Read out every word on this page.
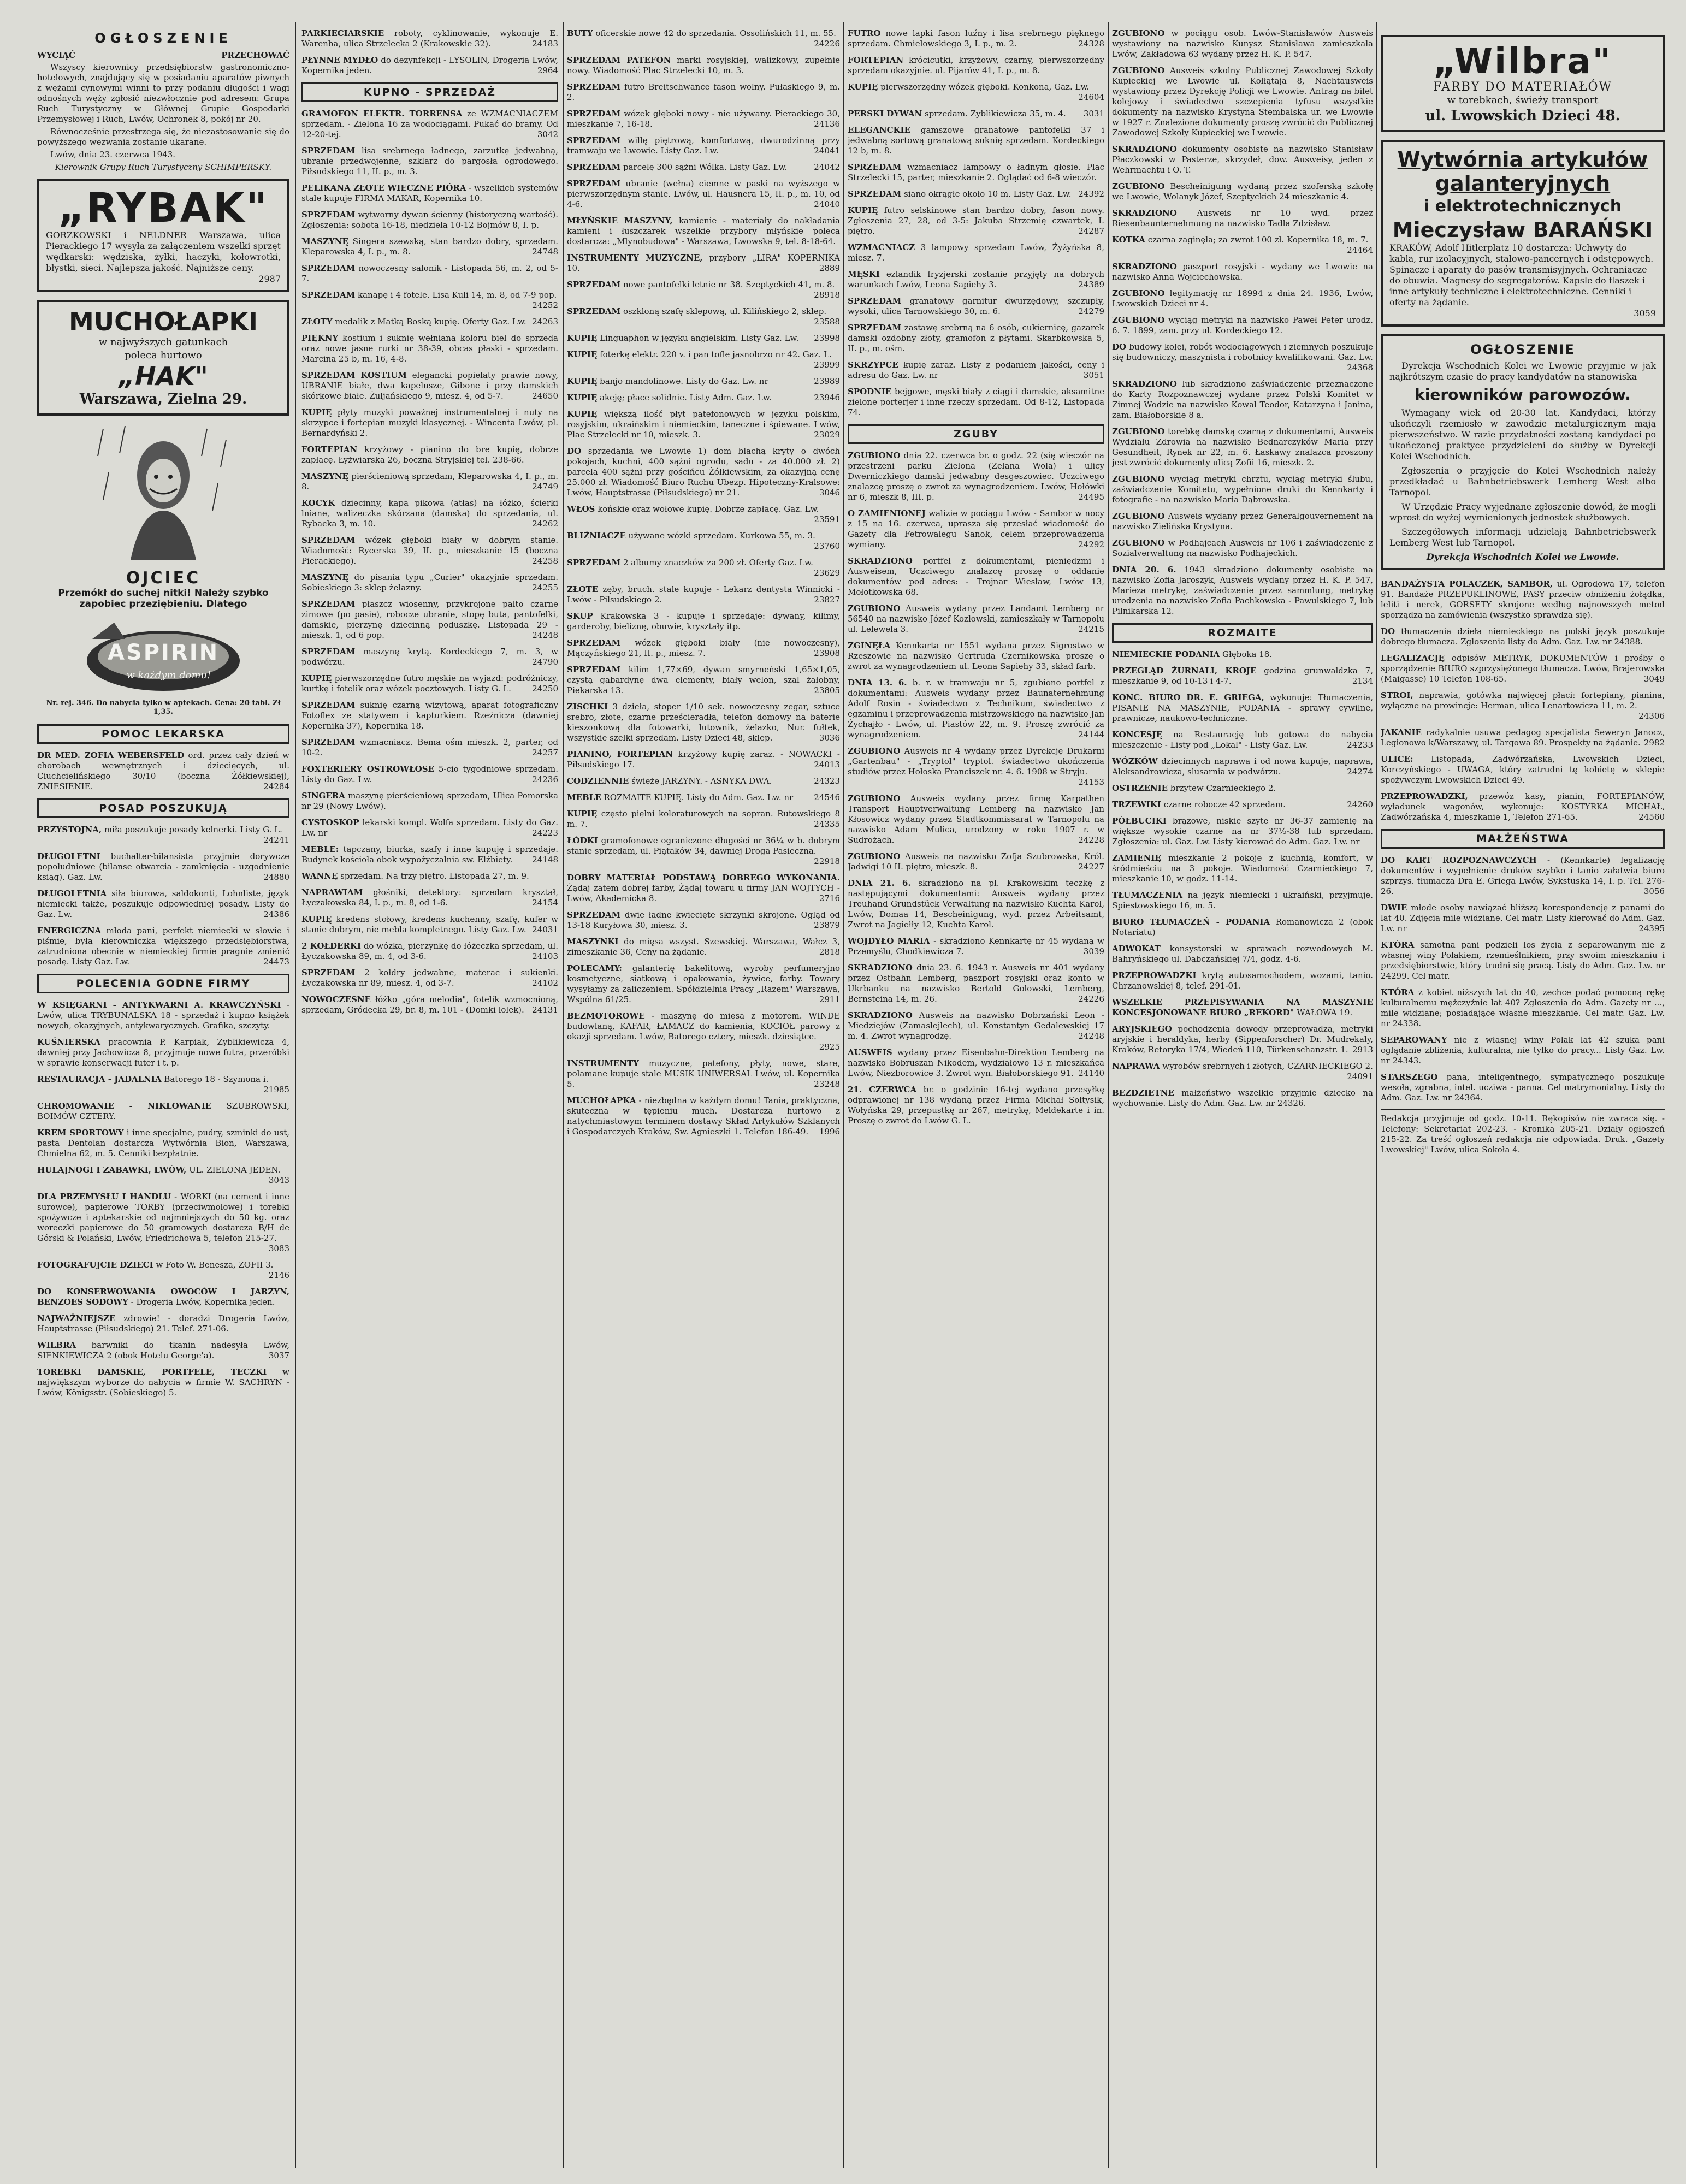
OGŁOSZENIE
WYCIĄĆ	PRZECHOWAĆ

Wszyscy kierownicy przedsiębiorstw gastronomiczno-hotelowych, znajdujący się w posiadaniu aparatów piwnych z wężami cynowymi winni to przy podaniu długości i wagi odnośnych węży zgłosić niezwłocznie pod adresem: Grupa Ruch Turystyczny w Głównej Grupie Gospodarki Przemysłowej i Ruch, Lwów, Ochronek 8, pokój nr 20.

Równocześnie przestrzega się, że niezastosowanie się do powyższego wezwania zostanie ukarane.

Lwów, dnia 23. czerwca 1943.

Kierownik Grupy Ruch Turystyczny SCHIMPERSKY.

„RYBAK"
GORZKOWSKI i NELDNER Warszawa, ulica Pierackiego 17 wysyła za załączeniem wszelki sprzęt wędkarski: wędziska, żyłki, haczyki, kołowrotki, błystki, sieci. Najlepsza jakość. Najniższe ceny.
2987
MUCHOŁAPKI
w najwyższych gatunkach
poleca hurtowo
„HAK"
Warszawa, Zielna 29.
OJCIEC
Przemókł do suchej nitki! Należy szybko zapobiec przeziębieniu. Dlatego
ASPIRIN
w każdym domu!
Nr. rej. 346. Do nabycia tylko w aptekach. Cena: 20 tabl. Zł 1,35.
POMOC LEKARSKA

DR MED. ZOFIA WEBERSFELD ord. przez cały dzień w chorobach wewnętrznych i dziecięcych, ul. Ciuchcielińskiego 30/10 (boczna Żółkiewskiej), ZNIESIENIE.	24284

POSAD POSZUKUJĄ

PRZYSTOJNA, miła poszukuje posady kelnerki. Listy G. L.
24241

DŁUGOLETNI buchalter-bilansista przyjmie dorywcze popołudniowe (bilanse otwarcia - zamknięcia - uzgodnienie ksiąg). Gaz. Lw.	24880

DŁUGOLETNIA siła biurowa, saldokonti, Lohnliste, język niemiecki także, poszukuje odpowiedniej posady. Listy do Gaz. Lw.	24386

ENERGICZNA młoda pani, perfekt niemiecki w słowie i piśmie, była kierowniczka większego przedsiębiorstwa, zatrudniona obecnie w niemieckiej firmie pragnie zmienić posadę. Listy Gaz. Lw.	24473

POLECENIA GODNE FIRMY

W KSIĘGARNI - ANTYKWARNI A. KRAWCZYŃSKI - Lwów, ulica TRYBUNALSKA 18 - sprzedaż i kupno książek nowych, okazyjnych, antykwarycznych. Grafika, szczyty.

KUŚNIERSKA pracownia P. Karpiak, Zyblikiewicza 4, dawniej przy Jachowicza 8, przyjmuje nowe futra, przeróbki w sprawie konserwacji futer i t. p.

RESTAURACJA - JADALNIA Batorego 18 - Szymona i.
21985

CHROMOWANIE - NIKLOWANIE SZUBROWSKI, BOIMÓW CZTERY.

KREM SPORTOWY i inne specjalne, pudry, szminki do ust, pasta Dentolan dostarcza Wytwórnia Bion, Warszawa, Chmielna 62, m. 5. Cenniki bezpłatnie.

HULAJNOGI I ZABAWKI, LWÓW, UL. ZIELONA JEDEN.
3043

DLA PRZEMYSŁU I HANDLU - WORKI (na cement i inne surowce), papierowe TORBY (przeciwmolowe) i torebki spożywcze i aptekarskie od najmniejszych do 50 kg. oraz woreczki papierowe do 50 gramowych dostarcza B/H de Górski & Polański, Lwów, Friedrichowa 5, telefon 215-27.
3083

FOTOGRAFUJCIE DZIECI w Foto W. Benesza, ZOFII 3.
2146

DO KONSERWOWANIA OWOCÓW I JARZYN, BENZOES SODOWY - Drogeria Lwów, Kopernika jeden.

NAJWAŻNIEJSZE zdrowie! - doradzi Drogeria Lwów, Hauptstrasse (Piłsudskiego) 21. Telef. 271-06.

WILBRA barwniki do tkanin nadesyła Lwów, SIENKIEWICZA 2 (obok Hotelu George'a).	3037

TOREBKI DAMSKIE, PORTFELE, TECZKI w największym wyborze do nabycia w firmie W. SACHRYN - Lwów, Königsstr. (Sobieskiego) 5.

PARKIECIARSKIE roboty, cyklinowanie, wykonuje E. Warenba, ulica Strzelecka 2 (Krakowskie 32).	24183

PŁYNNE MYDŁO do dezynfekcji - LYSOLIN, Drogeria Lwów, Kopernika jeden.	2964

KUPNO - SPRZEDAŻ

GRAMOFON ELEKTR. TORRENSA ze WZMACNIACZEM sprzedam. - Zielona 16 za wodociągami. Pukać do bramy. Od 12-20-tej.	3042

SPRZEDAM lisa srebrnego ładnego, zarzutkę jedwabną, ubranie przedwojenne, szklarz do pargosła ogrodowego. Piłsudskiego 11, II. p., m. 3.

PELIKANA ZŁOTE WIECZNE PIÓRA - wszelkich systemów stale kupuje FIRMA MAKAR, Kopernika 10.

SPRZEDAM wytworny dywan ścienny (historyczną wartość). Zgłoszenia: sobota 16-18, niedziela 10-12 Bojmów 8, I. p.

MASZYNĘ Singera szewską, stan bardzo dobry, sprzedam. Kleparowska 4, I. p., m. 8.	24748

SPRZEDAM nowoczesny salonik - Listopada 56, m. 2, od 5-7.

SPRZEDAM kanapę i 4 fotele. Lisa Kuli 14, m. 8, od 7-9 pop.
24252

ZŁOTY medalik z Matką Boską kupię. Oferty Gaz. Lw. 24263

PIĘKNY kostium i suknię wełnianą koloru biel do sprzeda oraz nowe jasne rurki nr 38-39, obcas płaski - sprzedam. Marcina 25 b, m. 16, 4-8.

SPRZEDAM KOSTIUM elegancki popielaty prawie nowy, UBRANIE białe, dwa kapelusze, Gibone i przy damskich skórkowe białe. Żuljańskiego 9, miesz. 4, od 5-7.	24650

KUPIĘ płyty muzyki poważnej instrumentalnej i nuty na skrzypce i fortepian muzyki klasycznej. - Wincenta Lwów, pl. Bernardyński 2.

FORTEPIAN krzyżowy - pianino do bre kupię, dobrze zapłacę. Łyżwiarska 26, boczna Stryjskiej tel. 238-66.

MASZYNĘ pierścieniową sprzedam, Kleparowska 4, I. p., m. 8.	24749

KOCYK dziecinny, kapa pikowa (atłas) na łóżko, ścierki lniane, walizeczka skórzana (damska) do sprzedania, ul. Rybacka 3, m. 10.	24262

SPRZEDAM wózek głęboki biały w dobrym stanie. Wiadomość: Rycerska 39, II. p., mieszkanie 15 (boczna Pierackiego).	24258

MASZYNĘ do pisania typu „Curier" okazyjnie sprzedam. Sobieskiego 3: sklep żelazny.	24255

SPRZEDAM płaszcz wiosenny, przykrojone palto czarne zimowe (po pasie), robocze ubranie, stopę buta, pantofelki, damskie, pierzynę dziecinną poduszkę. Listopada 29 - mieszk. 1, od 6 pop.	24248

SPRZEDAM maszynę krytą. Kordeckiego 7, m. 3, w podwórzu.	24790

KUPIĘ pierwszorzędne futro męskie na wyjazd: podróżniczy, kurtkę i fotelik oraz wózek pocztowych. Listy G. L.	24250

SPRZEDAM suknię czarną wizytową, aparat fotograficzny Fotoflex ze statywem i kapturkiem. Rzeźnicza (dawniej Kopernika 37), Kopernika 18.

SPRZEDAM wzmacniacz. Bema ośm mieszk. 2, parter, od 10-2.	24257

FOXTERIERY OSTROWŁOSE 5-cio tygodniowe sprzedam. Listy do Gaz. Lw.	24236

SINGERA maszynę pierścieniową sprzedam, Ulica Pomorska nr 29 (Nowy Lwów).

CYSTOSKOP lekarski kompl. Wolfa sprzedam. Listy do Gaz. Lw. nr	24223

MEBLE: tapczany, biurka, szafy i inne kupuję i sprzedaje. Budynek kościoła obok wypożyczalnia sw. Elżbiety. 24148

WANNĘ sprzedam. Na trzy piętro. Listopada 27, m. 9.

NAPRAWIAM głośniki, detektory: sprzedam kryształ, Łyczakowska 84, I. p., m. 8, od 1-6.	24154

KUPIĘ kredens stołowy, kredens kuchenny, szafę, kufer w stanie dobrym, nie mebla kompletnego. Listy Gaz. Lw. 24031

2 KOŁDERKI do wózka, pierzynkę do łóżeczka sprzedam, ul. Łyczakowska 89, m. 4, od 3-6.	24103

SPRZEDAM 2 kołdry jedwabne, materac i sukienki. Łyczakowska nr 89, miesz. 4, od 3-7.	24102

NOWOCZESNE łóżko „góra melodia", fotelik wzmocnioną, sprzedam, Gródecka 29, br. 8, m. 101 - (Domki lolek). 24131

BUTY oficerskie nowe 42 do sprzedania. Ossolińskich 11, m. 55.
24226

SPRZEDAM PATEFON marki rosyjskiej, walizkowy, zupełnie nowy. Wiadomość Plac Strzelecki 10, m. 3.

SPRZEDAM futro Breitschwance fason wolny. Pułaskiego 9, m. 2.

SPRZEDAM wózek głęboki nowy - nie używany. Pierackiego 30, mieszkanie 7, 16-18.	24136

SPRZEDAM willę piętrową, komfortową, dwurodzinną przy tramwaju we Lwowie. Listy Gaz. Lw.	24041

SPRZEDAM parcelę 300 sążni Wólka. Listy Gaz. Lw.	24042

SPRZEDAM ubranie (wełna) ciemne w paski na wyższego w pierwszorzędnym stanie. Lwów, ul. Hausnera 15, II. p., m. 10, od 4-6.	24040

MŁYŃSKIE MASZYNY, kamienie - materiały do nakładania kamieni i łuszczarek wszelkie przybory młyńskie poleca dostarcza: „Mlynobudowa" - Warszawa, Lwowska 9, tel. 8-18-64.

INSTRUMENTY MUZYCZNE, przybory „LIRA" KOPERNIKA 10.	2889

SPRZEDAM nowe pantofelki letnie nr 38. Szeptyckich 41, m. 8.
28918

SPRZEDAM oszkloną szafę sklepową, ul. Kilińskiego 2, sklep.
23588

KUPIĘ Linguaphon w języku angielskim. Listy Gaz. Lw. 23998

KUPIĘ foterkę elektr. 220 v. i pan tofle jasnobrzo nr 42. Gaz. L.
23999

KUPIĘ banjo mandolinowe. Listy do Gaz. Lw. nr	23989

KUPIĘ akeję; płace solidnie. Listy Adm. Gaz. Lw.	23946

KUPIĘ większą ilość płyt patefonowych w języku polskim, rosyjskim, ukraińskim i niemieckim, taneczne i śpiewane. Lwów, Plac Strzelecki nr 10, mieszk. 3.	23029

DO sprzedania we Lwowie 1) dom blachą kryty o dwóch pokojach, kuchni, 400 sążni ogrodu, sadu - za 40.000 zł. 2) parcela 400 sążni przy gościńcu Żółkiewskim, za okazyjną cenę 25.000 zł. Wiadomość Biuro Ruchu Ubezp. Hipoteczny-Kralsowe: Lwów, Hauptstrasse (Piłsudskiego) nr 21.	3046

WŁOS końskie oraz wołowe kupię. Dobrze zapłacę. Gaz. Lw.
23591

BLIŹNIACZE używane wózki sprzedam. Kurkowa 55, m. 3.
23760

SPRZEDAM 2 albumy znaczków za 200 zł. Oferty Gaz. Lw.
23629

ZŁOTE zęby, bruch. stale kupuje - Lekarz dentysta Winnicki - Lwów - Piłsudskiego 2.	23827

SKUP Krakowska 3 - kupuje i sprzedaje: dywany, kilimy, garderoby, bieliznę, obuwie, kryształy itp.

SPRZEDAM wózek głęboki biały (nie nowoczesny), Mączyńskiego 21, II. p., miesz. 7.	23908

SPRZEDAM kilim 1,77×69, dywan smyrneński 1,65×1,05, czystą gabardynę dwa elementy, biały welon, szal żałobny, Piekarska 13.	23805

ZISCHKI 3 dzieła, stoper 1/10 sek. nowoczesny zegar, sztuce srebro, złote, czarne prześcieradła, telefon domowy na baterie kieszonkową dla fotowarki, lutownik, żelazko, Nur. fułtek, wszystkie szelki sprzedam. Listy Dzieci 48, sklep.	3036

PIANINO, FORTEPIAN krzyżowy kupię zaraz. - NOWACKI - Piłsudskiego 17.	24013

CODZIENNIE świeże JARZYNY. - ASNYKA DWA.	24323

MEBLE ROZMAITE KUPIĘ. Listy do Adm. Gaz. Lw. nr	24546

KUPIĘ często pięlni koloraturowych na sopran. Rutowskiego 8 m. 7.	24335

ŁÓDKI gramofonowe ograniczone długości nr 36¼ w b. dobrym stanie sprzedam, ul. Piątaków 34, dawniej Droga Pasieczna.
22918

DOBRY MATERIAŁ PODSTAWĄ DOBREGO WYKONANIA. Żądaj zatem dobrej farby, Żądaj towaru u firmy JAN WOJTYCH - Lwów, Akademicka 8.	2716

SPRZEDAM dwie ładne kwiecięte skrzynki skrojone. Ogląd od 13-18 Kuryłowa 30, miesz. 3.	23879

MASZYNKI do mięsa wszyst. Szewskiej. Warszawa, Wałcz 3, zimeszkanie 36, Ceny na żądanie.	2818

POLECAMY: galanterię bakelitową, wyroby perfumeryjno kosmetyczne, siatkową i opakowania, żywice, farby. Towary wysyłamy za zaliczeniem. Spółdzielnia Pracy „Razem" Warszawa, Wspólna 61/25.	2911

BEZMOTOROWE - maszynę do mięsa z motorem. WINDĘ budowlaną, KAFAR, ŁAMACZ do kamienia, KOCIOŁ parowy z okazji sprzedam. Lwów, Batorego cztery, mieszk. dziesiątce.
2925

INSTRUMENTY muzyczne, patefony, płyty, nowe, stare, polamane kupuje stale MUSIK UNIWERSAL Lwów, ul. Kopernika 5.	23248

MUCHOŁAPKA - niezbędna w każdym domu! Tania, praktyczna, skuteczna w tępieniu much. Dostarcza hurtowo z natychmiastowym terminem dostawy Skład Artykułów Szklanych i Gospodarczych Kraków, Sw. Agnieszki 1. Telefon 186-49. 1996

FUTRO nowe lapki fason luźny i lisa srebrnego pięknego sprzedam. Chmielowskiego 3, I. p., m. 2.	24328

FORTEPIAN krócicutki, krzyżowy, czarny, pierwszorzędny sprzedam okazyjnie. ul. Pijarów 41, I. p., m. 8.

KUPIĘ pierwszorzędny wózek głęboki. Konkona, Gaz. Lw.
24604

PERSKI DYWAN sprzedam. Zyblikiewicza 35, m. 4. 3031

ELEGANCKIE gamszowe granatowe pantofelki 37 i jedwabną sortową granatową suknię sprzedam. Kordeckiego 12 b, m. 8.

SPRZEDAM wzmacniacz lampowy o ładnym głosie. Plac Strzelecki 15, parter, mieszkanie 2. Oglądać od 6-8 wieczór.

SPRZEDAM siano okrągłe około 10 m. Listy Gaz. Lw. 24392

KUPIĘ futro selskinowe stan bardzo dobry, fason nowy. Zgłoszenia 27, 28, od 3-5: Jakuba Strzemię czwartek, I. piętro.	24287

WZMACNIACZ 3 lampowy sprzedam Lwów, Żyżyńska 8, miesz. 7.

MĘSKI ezlandik fryzjerski zostanie przyjęty na dobrych warunkach Lwów, Leona Sapiehy 3.	24389

SPRZEDAM granatowy garnitur dwurzędowy, szczupły, wysoki, ulica Tarnowskiego 30, m. 6.	24279

SPRZEDAM zastawę srebrną na 6 osób, cukiernicę, gazarek damski ozdobny złoty, gramofon z płytami. Skarbkowska 5, II. p., m. ośm.

SKRZYPCE kupię zaraz. Listy z podaniem jakości, ceny i adresu do Gaz. Lw. nr	3051

SPODNIE bejgowe, męski biały z ciągi i damskie, aksamitne zielone porterjer i inne rzeczy sprzedam. Od 8-12, Listopada 74.

ZGUBY

ZGUBIONO dnia 22. czerwca br. o godz. 22 (się wieczór na przestrzeni parku Zielona (Zelana Wola) i ulicy Dwerniczkiego damski jedwabny desgeszowiec. Uczciwego znalazcę proszę o zwrot za wynagrodzeniem. Lwów, Hołówki nr 6, mieszk 8, III. p.	24495

O ZAMIENIONEJ walizie w pociągu Lwów - Sambor w nocy z 15 na 16. czerwca, uprasza się przesłać wiadomość do Gazety dla Fetrowalegu Sanok, celem przeprowadzenia wymiany.	24292

SKRADZIONO portfel z dokumentami, pieniędzmi i Ausweisem, Uczciwego znalazcę proszę o oddanie dokumentów pod adres: - Trojnar Wiesław, Lwów 13, Mołotkowska 68.

ZGUBIONO Ausweis wydany przez Landamt Lemberg nr 56540 na nazwisko Józef Kozłowski, zamieszkały w Tarnopolu ul. Lelewela 3.	24215

ZGINĘŁA Kennkarta nr 1551 wydana przez Sigrostwo w Rzeszowie na nazwisko Gertruda Czernikowska proszę o zwrot za wynagrodzeniem ul. Leona Sapiehy 33, skład farb.

DNIA 13. 6. b. r. w tramwaju nr 5, zgubiono portfel z dokumentami: Ausweis wydany przez Baunaternehmung Adolf Rosin - świadectwo z Technikum, świadectwo z egzaminu i przeprowadzenia mistrzowskiego na nazwisko Jan Żychajło - Lwów, ul. Piastów 22, m. 9. Proszę zwrócić za wynagrodzeniem.	24144

ZGUBIONO Ausweis nr 4 wydany przez Dyrekcję Drukarni „Gartenbau" - „Tryptol" tryptol. świadectwo ukończenia studiów przez Hołoska Franciszek nr. 4. 6. 1908 w Stryju.
24153

ZGUBIONO Ausweis wydany przez firmę Karpathen Transport Hauptverwaltung Lemberg na nazwisko Jan Kłosowicz wydany przez Stadtkommissarat w Tarnopolu na nazwisko Adam Mulica, urodzony w roku 1907 r. w Sudrożach.	24228

ZGUBIONO Ausweis na nazwisko Zofja Szubrowska, Król. Jadwigi 10 II. piętro, mieszk. 8.	24227

DNIA 21. 6. skradziono na pl. Krakowskim teczkę z następującymi dokumentami: Ausweis wydany przez Treuhand Grundstück Verwaltung na nazwisko Kuchta Karol, Lwów, Domaa 14, Bescheinigung, wyd. przez Arbeitsamt, Zwrot na Jagiełły 12, Kuchta Karol.

WOJDYŁO MARIA - skradziono Kennkartę nr 45 wydaną w Przemyślu, Chodkiewicza 7.	3039

SKRADZIONO dnia 23. 6. 1943 r. Ausweis nr 401 wydany przez Ostbahn Lemberg, paszport rosyjski oraz konto w Ukrbanku na nazwisko Bertold Golowski, Lemberg, Bernsteina 14, m. 26.	24226

SKRADZIONO Ausweis na nazwisko Dobrzański Leon - Miedziejów (Zamaslejlech), ul. Konstantyn Gedalewskiej 17 m. 4. Zwrot wynagrodzę.	24248

AUSWEIS wydany przez Eisenbahn-Direktion Lemberg na nazwisko Bobruszan Nikodem, wydziałowo 13 r. mieszkańca Lwów, Niezborowice 3. Zwrot wyn. Białoborskiego 91. 24140

21. CZERWCA br. o godzinie 16-tej wydano przesyłkę odprawionej nr 138 wydaną przez Firma Michał Sołtysik, Wołyńska 29, przepustkę nr 267, metrykę, Meldekarte i in. Proszę o zwrot do Lwów G. L.

ZGUBIONO w pociągu osob. Lwów-Stanisławów Ausweis wystawiony na nazwisko Kunysz Stanisława zamieszkała Lwów, Zakładowa 63 wydany przez H. K. P. 547.

ZGUBIONO Ausweis szkolny Publicznej Zawodowej Szkoły Kupieckiej we Lwowie ul. Kołłątaja 8, Nachtausweis wystawiony przez Dyrekcję Policji we Lwowie. Antrag na bilet kolejowy i świadectwo szczepienia tyfusu wszystkie dokumenty na nazwisko Krystyna Stembalska ur. we Lwowie w 1927 r. Znalezione dokumenty proszę zwrócić do Publicznej Zawodowej Szkoły Kupieckiej we Lwowie.

SKRADZIONO dokumenty osobiste na nazwisko Stanisław Płaczkowski w Pasterze, skrzydeł, dow. Ausweisy, jeden z Wehrmachtu i O. T.

ZGUBIONO Bescheinigung wydaną przez szoferską szkołę we Lwowie, Wolanyk Józef, Szeptyckich 24 mieszkanie 4.

SKRADZIONO Ausweis nr 10 wyd. przez Riesenbaunternehmung na nazwisko Tadla Zdzisław.

KOTKA czarna zaginęła; za zwrot 100 zł. Kopernika 18, m. 7.
24464

SKRADZIONO paszport rosyjski - wydany we Lwowie na nazwisko Anna Wojciechowska.

ZGUBIONO legitymację nr 18994 z dnia 24. 1936, Lwów, Lwowskich Dzieci nr 4.

ZGUBIONO wyciąg metryki na nazwisko Paweł Peter urodz. 6. 7. 1899, zam. przy ul. Kordeckiego 12.

DO budowy kolei, robót wodociągowych i ziemnych poszukuje się budowniczy, maszynista i robotnicy kwalifikowani. Gaz. Lw.
24368

SKRADZIONO lub skradziono zaświadczenie przeznaczone do Karty Rozpoznawczej wydane przez Polski Komitet w Zimnej Wodzie na nazwisko Kowal Teodor, Katarzyna i Janina, zam. Białoborskie 8 a.

ZGUBIONO torebkę damską czarną z dokumentami, Ausweis Wydziału Zdrowia na nazwisko Bednarczyków Maria przy Gesundheit, Rynek nr 22, m. 6. Łaskawy znalazca proszony jest zwrócić dokumenty ulicą Zofii 16, mieszk. 2.

ZGUBIONO wyciąg metryki chrztu, wyciąg metryki ślubu, zaświadczenie Komitetu, wypełnione druki do Kennkarty i fotografie - na nazwisko Maria Dąbrowska.

ZGUBIONO Ausweis wydany przez Generalgouvernement na nazwisko Zielińska Krystyna.

ZGUBIONO w Podhajcach Ausweis nr 106 i zaświadczenie z Sozialverwaltung na nazwisko Podhajeckich.

DNIA 20. 6. 1943 skradziono dokumenty osobiste na nazwisko Zofia Jaroszyk, Ausweis wydany przez H. K. P. 547, Marieza metrykę, zaświadczenie przez sammlung, metrykę urodzenia na nazwisko Zofia Pachkowska - Pawulskiego 7, lub Pilnikarska 12.

ROZMAITE

NIEMIECKIE PODANIA Głęboka 18.

PRZEGLĄD ŻURNALI, KROJE godzina grunwaldzka 7, mieszkanie 9, od 10-13 i 4-7.	2134

KONC. BIURO DR. E. GRIEGA, wykonuje: Tłumaczenia, PISANIE NA MASZYNIE, PODANIA - sprawy cywilne, prawnicze, naukowo-techniczne.

KONCESJĘ na Restaurację lub gotowa do nabycia mieszczenie - Listy pod „Lokal" - Listy Gaz. Lw.	24233

WÓZKÓW dziecinnych naprawa i od nowa kupuje, naprawa, Aleksandrowicza, slusarnia w podwórzu.	24274

OSTRZENIE brzytew Czarnieckiego 2.

TRZEWIKI czarne robocze 42 sprzedam.	24260

PÓŁBUCIKI brązowe, niskie szyte nr 36-37 zamienię na większe wysokie czarne na nr 37½-38 lub sprzedam. Zgłoszenia: ul. Gaz. Lw. Listy kierować do Adm. Gaz. Lw. nr

ZAMIENIĘ mieszkanie 2 pokoje z kuchnią, komfort, w śródmieściu na 3 pokoje. Wiadomość Czarnieckiego 7, mieszkanie 10, w godz. 11-14.

TŁUMACZENIA na język niemiecki i ukraiński, przyjmuje. Spiestowskiego 16, m. 5.

BIURO TŁUMACZEŃ - PODANIA Romanowicza 2 (obok Notariatu)

ADWOKAT konsystorski w sprawach rozwodowych M. Bahryńskiego ul. Dąbczańskiej 7/4, godz. 4-6.

PRZEPROWADZKI krytą autosamochodem, wozami, tanio. Chrzanowskiej 8, telef. 291-01.

WSZELKIE PRZEPISYWANIA NA MASZYNIE KONCESJONOWANE BIURO „REKORD" WAŁOWA 19.

ARYJSKIEGO pochodzenia dowody przeprowadza, metryki aryjskie i heraldyka, herby (Sippenforscher) Dr. Mudrekaly, Kraków, Retoryka 17/4, Wiedeń 110, Türkenschanzstr. 1. 2913

NAPRAWA wyrobów srebrnych i złotych, CZARNIECKIEGO 2.
24091

BEZDZIETNE małżeństwo wszelkie przyjmie dziecko na wychowanie. Listy do Adm. Gaz. Lw. nr 24326.

„Wilbra"
FARBY DO MATERIAŁÓW
w torebkach, świeży transport
ul. Lwowskich Dzieci 48.
Wytwórnia artykułów galanteryjnych
i elektrotechnicznych
Mieczysław BARAŃSKI
KRAKÓW, Adolf Hitlerplatz 10 dostarcza: Uchwyty do kabla, rur izolacyjnych, stalowo-pancernych i odstępowych. Spinacze i aparaty do pasów transmisyjnych. Ochraniacze do obuwia. Magnesy do segregatorów. Kapsle do flaszek i inne artykuły techniczne i elektrotechniczne. Cenniki i oferty na żądanie.
3059
OGŁOSZENIE

Dyrekcja Wschodnich Kolei we Lwowie przyjmie w jak najkrótszym czasie do pracy kandydatów na stanowiska

kierowników parowozów.

Wymagany wiek od 20-30 lat. Kandydaci, którzy ukończyli rzemiosło w zawodzie metalurgicznym mają pierwszeństwo. W razie przydatności zostaną kandydaci po ukończonej praktyce przydzieleni do służby w Dyrekcji Kolei Wschodnich.

Zgłoszenia o przyjęcie do Kolei Wschodnich należy przedkładać u Bahnbetriebswerk Lemberg West albo Tarnopol.

W Urzędzie Pracy wyjednane zgłoszenie dowód, że mogli wprost do wyżej wymienionych jednostek służbowych.

Szczegółowych informacji udzielają Bahnbetriebswerk Lemberg West lub Tarnopol.

Dyrekcja Wschodnich Kolei we Lwowie.

BANDAŻYSTA POLACZEK, SAMBOR, ul. Ogrodowa 17, telefon 91. Bandaże PRZEPUKLINOWE, PASY przeciw obniżeniu żołądka, leliti i nerek, GORSETY skrojone według najnowszych metod sporządza na zamówienia (wszystko sprawdza się).

DO tłumaczenia dzieła niemieckiego na polski język poszukuje dobrego tłumacza. Zgłoszenia listy do Adm. Gaz. Lw. nr 24388.

LEGALIZACJĘ odpisów METRYK, DOKUMENTÓW i prośby o sporządzenie BIURO szprzysiężonego tłumacza. Lwów, Brajerowska (Maigasse) 10 Telefon 108-65.	3049

STROI, naprawia, gotówka najwięcej płaci: fortepiany, pianina, wyłączne na prowincje: Herman, ulica Lenartowicza 11, m. 2.
24306

JAKANIE radykalnie usuwa pedagog specjalista Seweryn Janocz, Legionowo k/Warszawy, ul. Targowa 89. Prospekty na żądanie. 2982

ULICE: Listopada, Zadwórzańska, Lwowskich Dzieci, Korczyńskiego - UWAGA, który zatrudni tę kobietę w sklepie spożywczym Lwowskich Dzieci 49.

PRZEPROWADZKI, przewóz kasy, pianin, FORTEPIANÓW, wyładunek wagonów, wykonuje: KOSTYRKA MICHAŁ, Zadwórzańska 4, mieszkanie 1, Telefon 271-65.	24560

MAŁŻEŃSTWA

DO KART ROZPOZNAWCZYCH - (Kennkarte) legalizację dokumentów i wypełnienie druków szybko i tanio załatwia biuro szprzys. tłumacza Dra E. Griega Lwów, Sykstuska 14, I. p. Tel. 276-26.	3056

DWIE młode osoby nawiązać bliższą korespondencję z panami do lat 40. Zdjęcia mile widziane. Cel matr. Listy kierować do Adm. Gaz. Lw. nr	24395

KTÓRA samotna pani podzieli los życia z separowanym nie z własnej winy Polakiem, rzemieślnikiem, przy swoim mieszkaniu i przedsiębiorstwie, który trudni się pracą. Listy do Adm. Gaz. Lw. nr 24299. Cel matr.

KTÓRA z kobiet niższych lat do 40, zechce podać pomocną rękę kulturalnemu mężczyźnie lat 40? Zgłoszenia do Adm. Gazety nr ..., mile widziane; posiadające własne mieszkanie. Cel matr. Gaz. Lw. nr 24338.

SEPAROWANY nie z własnej winy Polak lat 42 szuka pani oglądanie zbliżenia, kulturalna, nie tylko do pracy... Listy Gaz. Lw. nr 24343.

STARSZEGO pana, inteligentnego, sympatycznego poszukuje wesoła, zgrabna, intel. ucziwa - panna. Cel matrymonialny. Listy do Adm. Gaz. Lw. nr 24364.

Redakcja przyjmuje od godz. 10-11. Rękopisów nie zwraca się. - Telefony: Sekretariat 202-23. - Kronika 205-21. Działy ogłoszeń 215-22. Za treść ogłoszeń redakcja nie odpowiada. Druk. „Gazety Lwowskiej" Lwów, ulica Sokoła 4.
